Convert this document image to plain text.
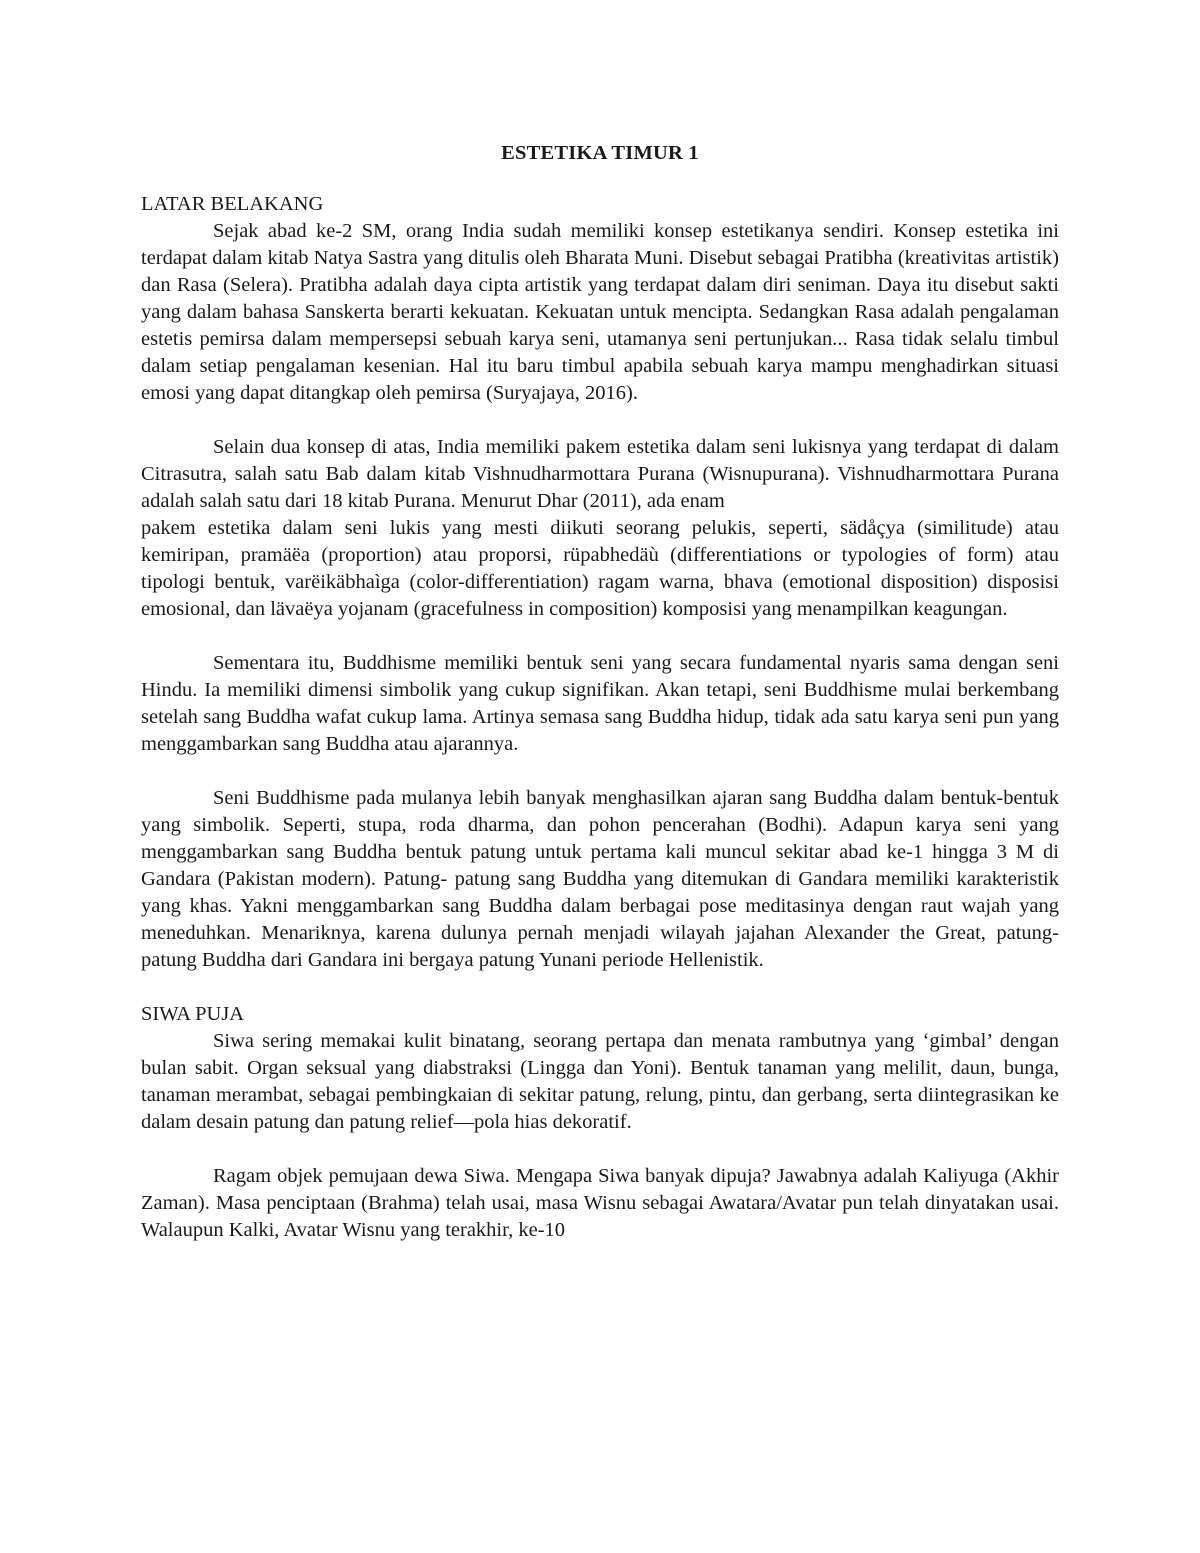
ESTETIKA TIMUR 1
LATAR BELAKANG

Sejak abad ke-2 SM, orang India sudah memiliki konsep estetikanya sendiri. Konsep estetika ini terdapat dalam kitab Natya Sastra yang ditulis oleh Bharata Muni. Disebut sebagai Pratibha (kreativitas artistik) dan Rasa (Selera). Pratibha adalah daya cipta artistik yang terdapat dalam diri seniman. Daya itu disebut sakti yang dalam bahasa Sanskerta berarti kekuatan. Kekuatan untuk mencipta. Sedangkan Rasa adalah pengalaman estetis pemirsa dalam mempersepsi sebuah karya seni, utamanya seni pertunjukan... Rasa tidak selalu timbul dalam setiap pengalaman kesenian. Hal itu baru timbul apabila sebuah karya mampu menghadirkan situasi emosi yang dapat ditangkap oleh pemirsa (Suryajaya, 2016).

Selain dua konsep di atas, India memiliki pakem estetika dalam seni lukisnya yang terdapat di dalam Citrasutra, salah satu Bab dalam kitab Vishnudharmottara Purana (Wisnupurana). Vishnudharmottara Purana adalah salah satu dari 18 kitab Purana. Menurut Dhar (2011), ada enam

pakem estetika dalam seni lukis yang mesti diikuti seorang pelukis, seperti, sädåçya (similitude) atau kemiripan, pramäëa (proportion) atau proporsi, rüpabhedäù (differentiations or typologies of form) atau tipologi bentuk, varëikäbhaìga (color-differentiation) ragam warna, bhava (emotional disposition) disposisi emosional, dan lävaëya yojanam (gracefulness in composition) komposisi yang menampilkan keagungan.

Sementara itu, Buddhisme memiliki bentuk seni yang secara fundamental nyaris sama dengan seni Hindu. Ia memiliki dimensi simbolik yang cukup signifikan. Akan tetapi, seni Buddhisme mulai berkembang setelah sang Buddha wafat cukup lama. Artinya semasa sang Buddha hidup, tidak ada satu karya seni pun yang menggambarkan sang Buddha atau ajarannya.

Seni Buddhisme pada mulanya lebih banyak menghasilkan ajaran sang Buddha dalam bentuk-bentuk yang simbolik. Seperti, stupa, roda dharma, dan pohon pencerahan (Bodhi). Adapun karya seni yang menggambarkan sang Buddha bentuk patung untuk pertama kali muncul sekitar abad ke-1 hingga 3 M di Gandara (Pakistan modern). Patung- patung sang Buddha yang ditemukan di Gandara memiliki karakteristik yang khas. Yakni menggambarkan sang Buddha dalam berbagai pose meditasinya dengan raut wajah yang meneduhkan. Menariknya, karena dulunya pernah menjadi wilayah jajahan Alexander the Great, patung- patung Buddha dari Gandara ini bergaya patung Yunani periode Hellenistik.

SIWA PUJA

Siwa sering memakai kulit binatang, seorang pertapa dan menata rambutnya yang ‘gimbal’ dengan bulan sabit. Organ seksual yang diabstraksi (Lingga dan Yoni). Bentuk tanaman yang melilit, daun, bunga, tanaman merambat, sebagai pembingkaian di sekitar patung, relung, pintu, dan gerbang, serta diintegrasikan ke dalam desain patung dan patung relief—pola hias dekoratif.

Ragam objek pemujaan dewa Siwa. Mengapa Siwa banyak dipuja? Jawabnya adalah Kaliyuga (Akhir Zaman). Masa penciptaan (Brahma) telah usai, masa Wisnu sebagai Awatara/Avatar pun telah dinyatakan usai. Walaupun Kalki, Avatar Wisnu yang terakhir, ke-10
